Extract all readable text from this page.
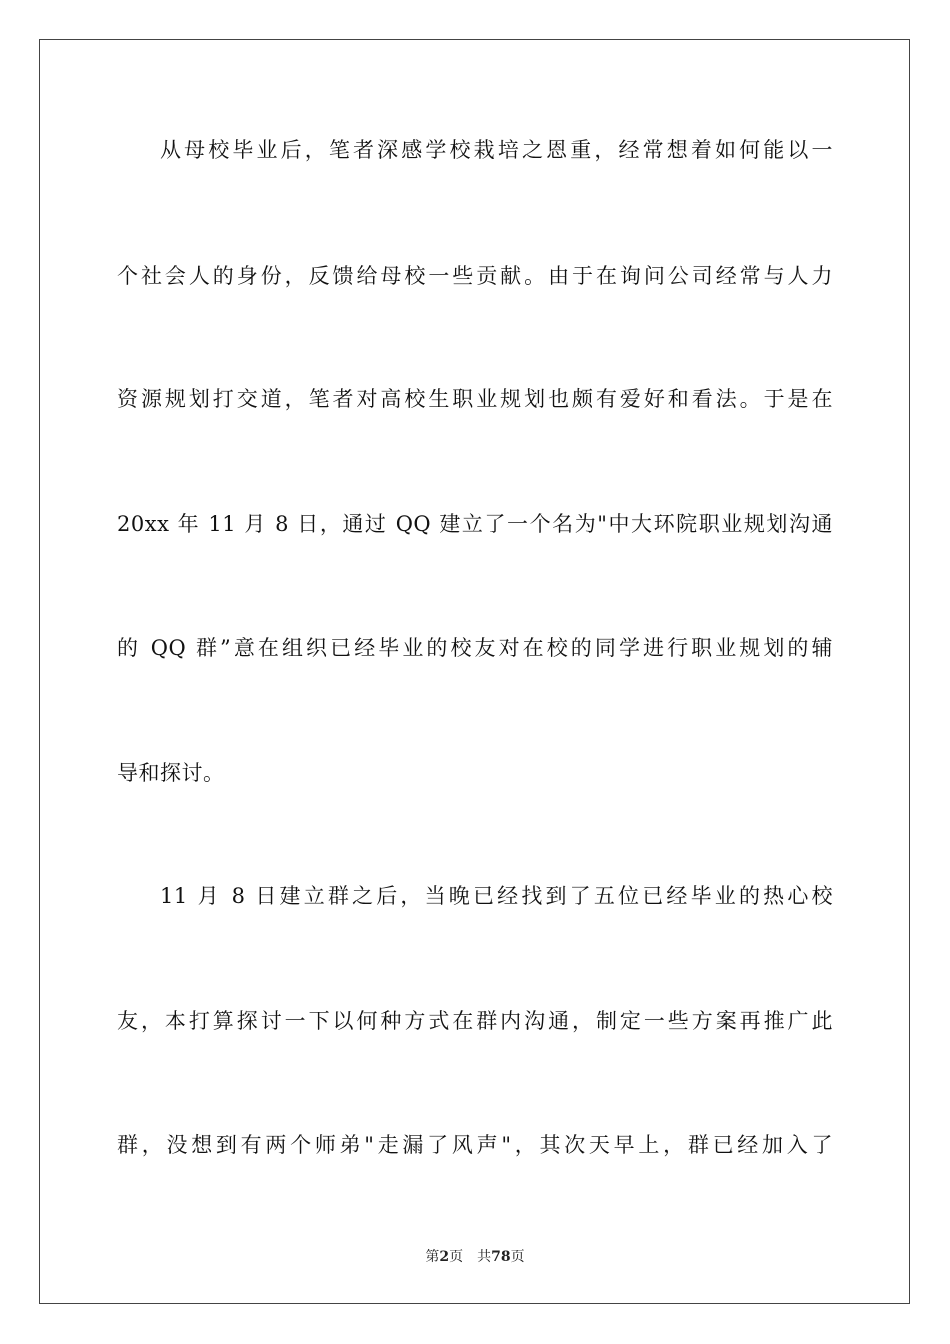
从母校毕业后，笔者深感学校栽培之恩重，经常想着如何能以一
个社会人的身份，反馈给母校一些贡献。由于在询问公司经常与人力
资源规划打交道，笔者对高校生职业规划也颇有爱好和看法。于是在
20xx 年 11 月 8 日，通过 QQ 建立了一个名为"中大环院职业规划沟通
的 QQ 群”意在组织已经毕业的校友对在校的同学进行职业规划的辅
导和探讨。
11 月 8 日建立群之后，当晚已经找到了五位已经毕业的热心校
友，本打算探讨一下以何种方式在群内沟通，制定一些方案再推广此
群，没想到有两个师弟"走漏了风声"，其次天早上，群已经加入了
第2页 共78页
